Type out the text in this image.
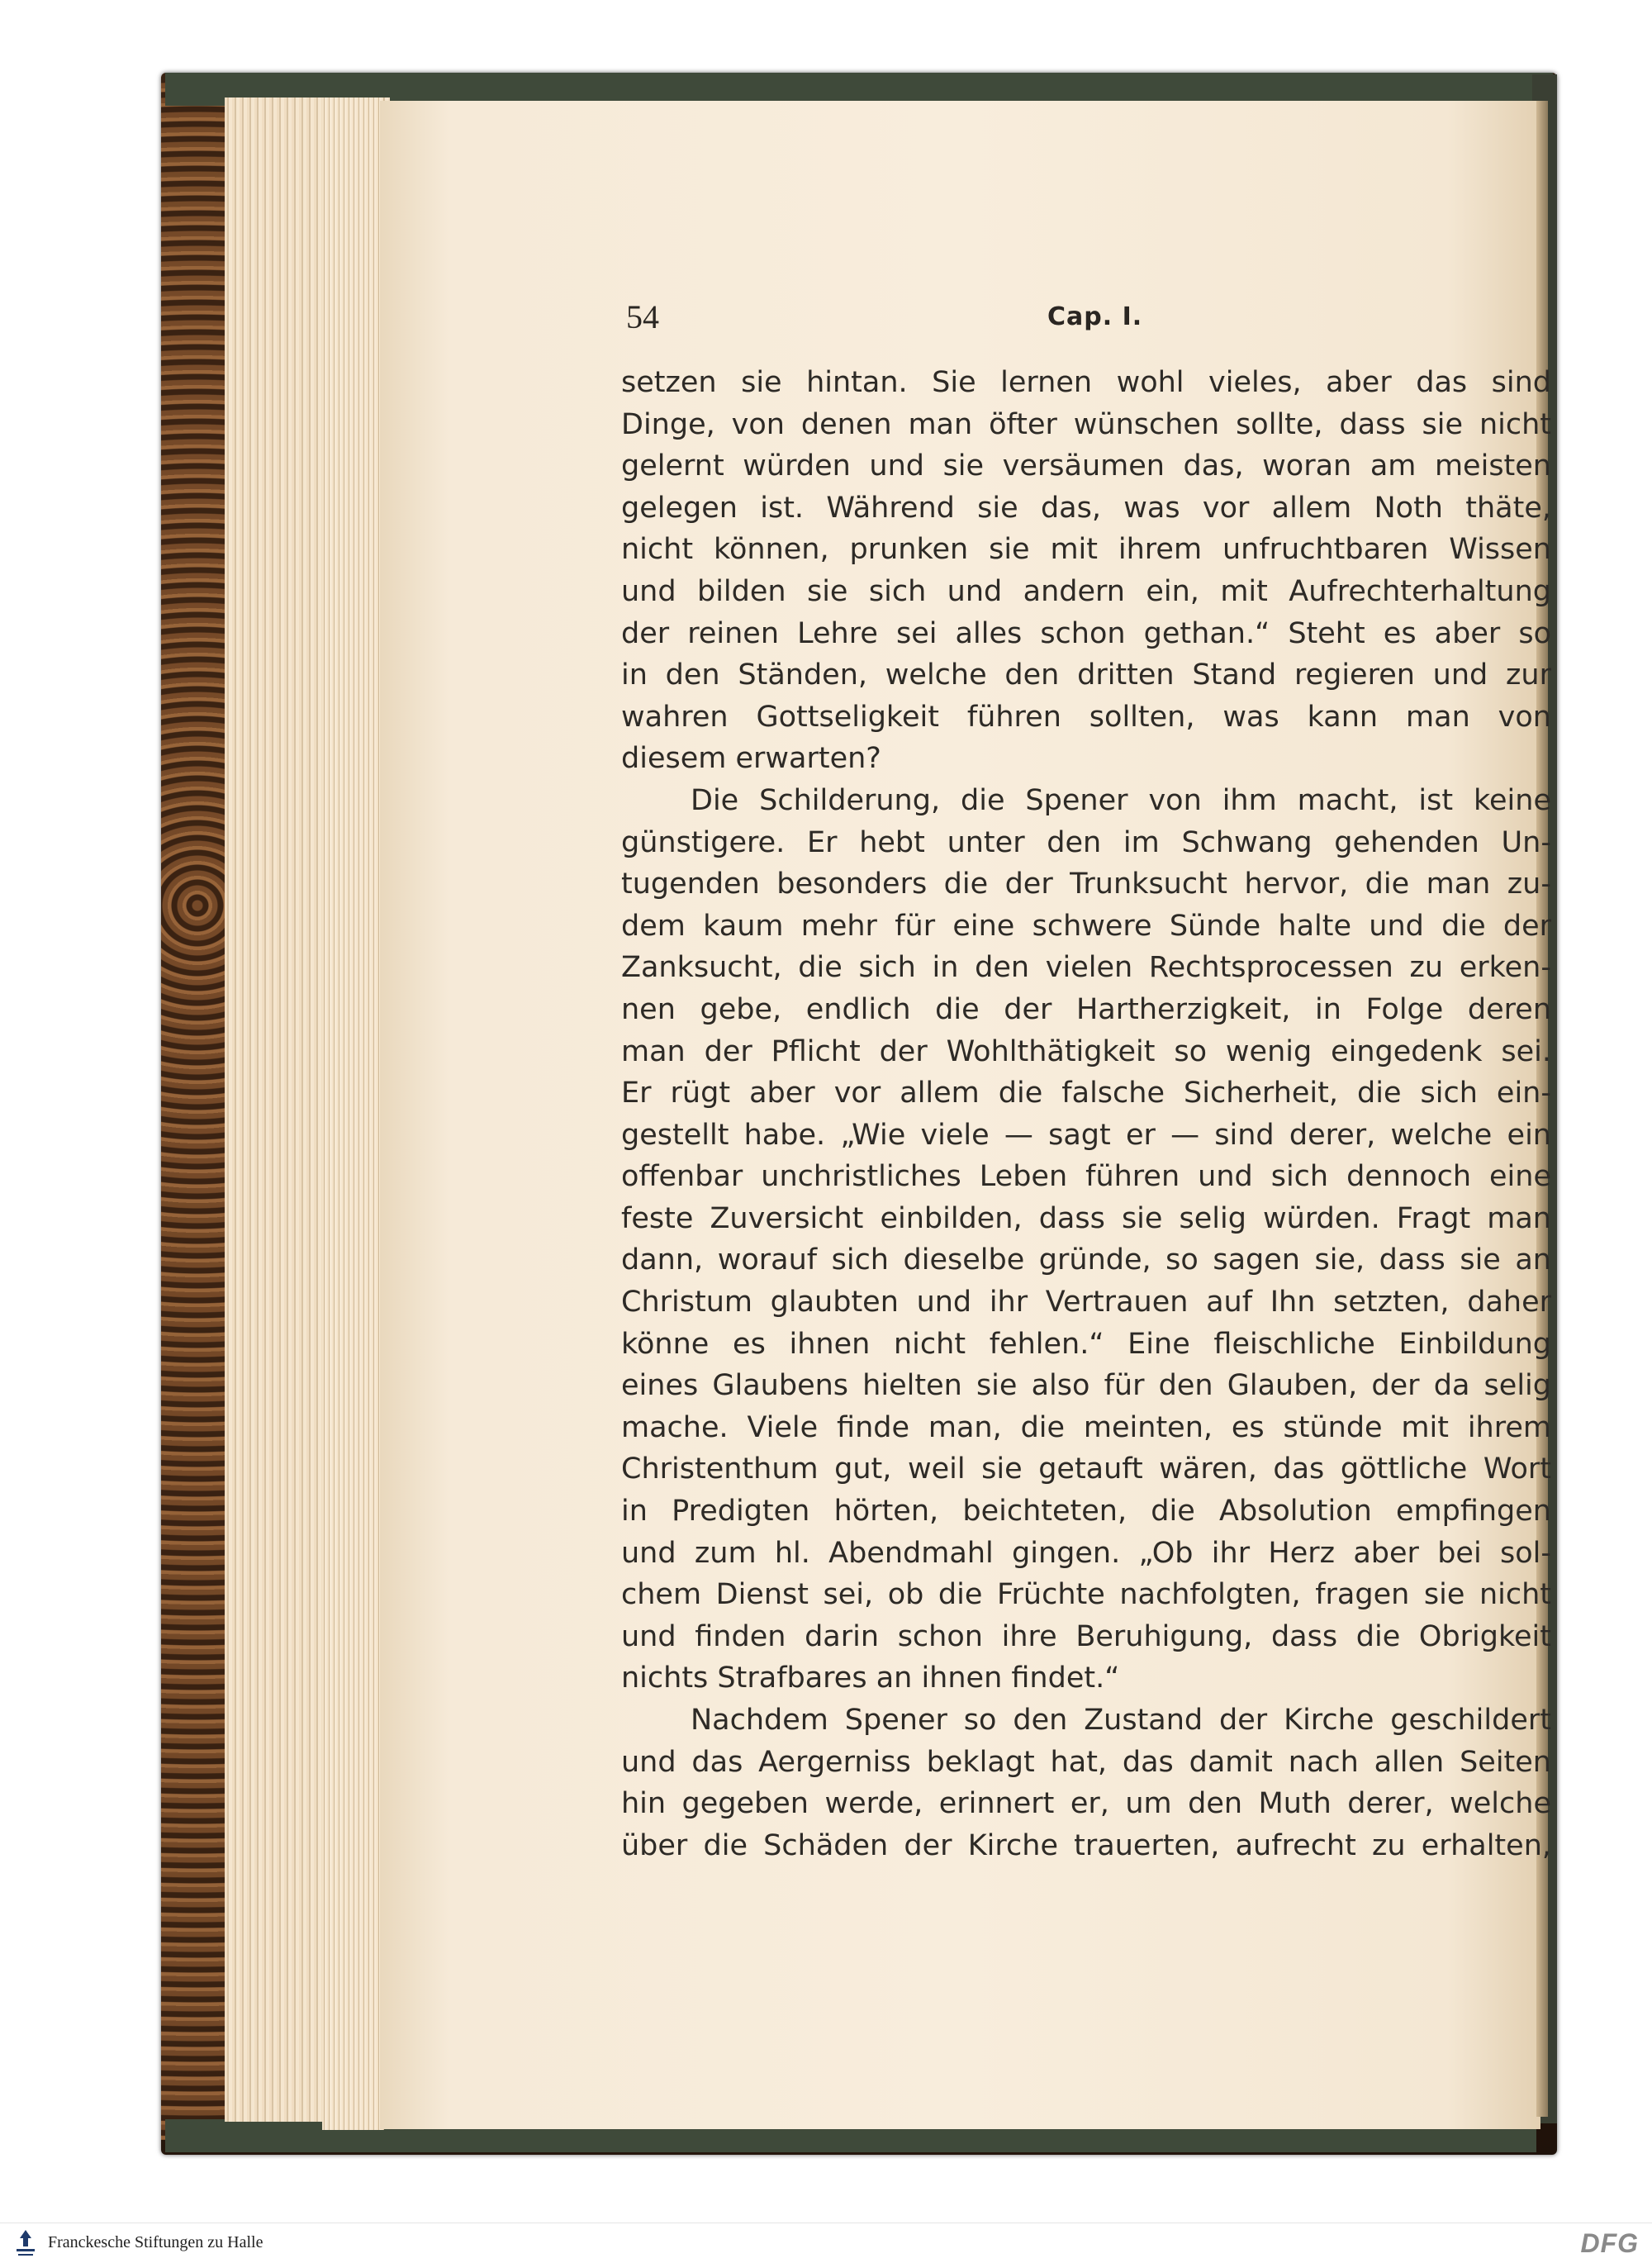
54	Cap. I.
setzen sie hintan. Sie lernen wohl vieles, aber das sind
Dinge, von denen man öfter wünschen sollte, dass sie nicht
gelernt würden und sie versäumen das, woran am meisten
gelegen ist. Während sie das, was vor allem Noth thäte,
nicht können, prunken sie mit ihrem unfruchtbaren Wissen
und bilden sie sich und andern ein, mit Aufrechterhaltung
der reinen Lehre sei alles schon gethan.“ Steht es aber so
in den Ständen, welche den dritten Stand regieren und zur
wahren Gottseligkeit führen sollten, was kann man von
diesem erwarten?
Die Schilderung, die Spener von ihm macht, ist keine
günstigere. Er hebt unter den im Schwang gehenden Un-
tugenden besonders die der Trunksucht hervor, die man zu-
dem kaum mehr für eine schwere Sünde halte und die der
Zanksucht, die sich in den vielen Rechtsprocessen zu erken-
nen gebe, endlich die der Hartherzigkeit, in Folge deren
man der Pflicht der Wohlthätigkeit so wenig eingedenk sei.
Er rügt aber vor allem die falsche Sicherheit, die sich ein-
gestellt habe. „Wie viele — sagt er — sind derer, welche ein
offenbar unchristliches Leben führen und sich dennoch eine
feste Zuversicht einbilden, dass sie selig würden. Fragt man
dann, worauf sich dieselbe gründe, so sagen sie, dass sie an
Christum glaubten und ihr Vertrauen auf Ihn setzten, daher
könne es ihnen nicht fehlen.“ Eine fleischliche Einbildung
eines Glaubens hielten sie also für den Glauben, der da selig
mache. Viele finde man, die meinten, es stünde mit ihrem
Christenthum gut, weil sie getauft wären, das göttliche Wort
in Predigten hörten, beichteten, die Absolution empfingen
und zum hl. Abendmahl gingen. „Ob ihr Herz aber bei sol-
chem Dienst sei, ob die Früchte nachfolgten, fragen sie nicht
und finden darin schon ihre Beruhigung, dass die Obrigkeit
nichts Strafbares an ihnen findet.“
Nachdem Spener so den Zustand der Kirche geschildert
und das Aergerniss beklagt hat, das damit nach allen Seiten
hin gegeben werde, erinnert er, um den Muth derer, welche
über die Schäden der Kirche trauerten, aufrecht zu erhalten,
Franckesche Stiftungen zu Halle	DFG
